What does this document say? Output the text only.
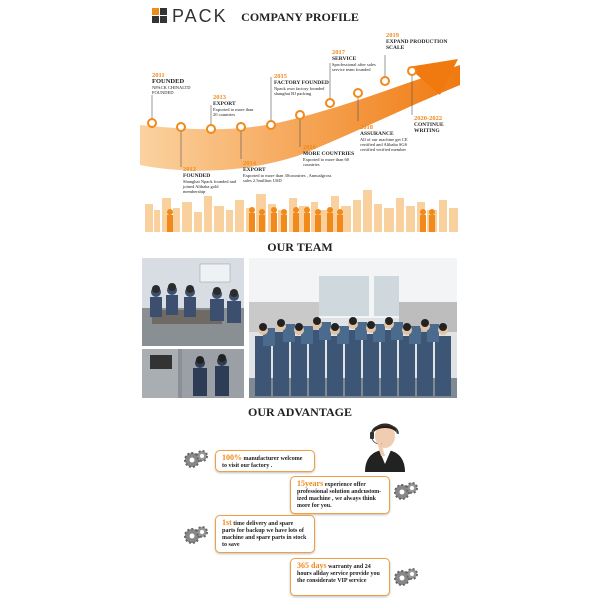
PACK	COMPANY PROFILE
2011
FOUNDED
NPACK CHINALTD FOUNDED
2012
FOUNDED
Shanghai Npack founded and joined Alibaba gold membership
2013
EXPORT
Exported to more than 20 countries
2014
EXPORT
Exported to more than 30countries , Annualgross sales 2.5million USD
2015
FACTORY FOUNDED
Npack own factory founded shanghai BJ packing
2016
MORE COUNTRIES
Exported to more than 60 countries
2017
SERVICE
Sprofessional after sales service team founded
2018
ASSURANCE
All of our machine get CE certified and Alibaba SGS certified verified member
2019
EXPAND PRODUCTION SCALE
2020-2022
CONTINUE WRITING
OUR TEAM
OUR ADVANTAGE
100% manufacturer welcome to visit our factory .
15years experience offer professional solution andcustom-ized machine , we always think more for you.
1st time delivery and spare parts for backup we have lots of machine and spare parts in stock to save
365 days warranty and 24 hours allday service provide you the considerate VIP service
